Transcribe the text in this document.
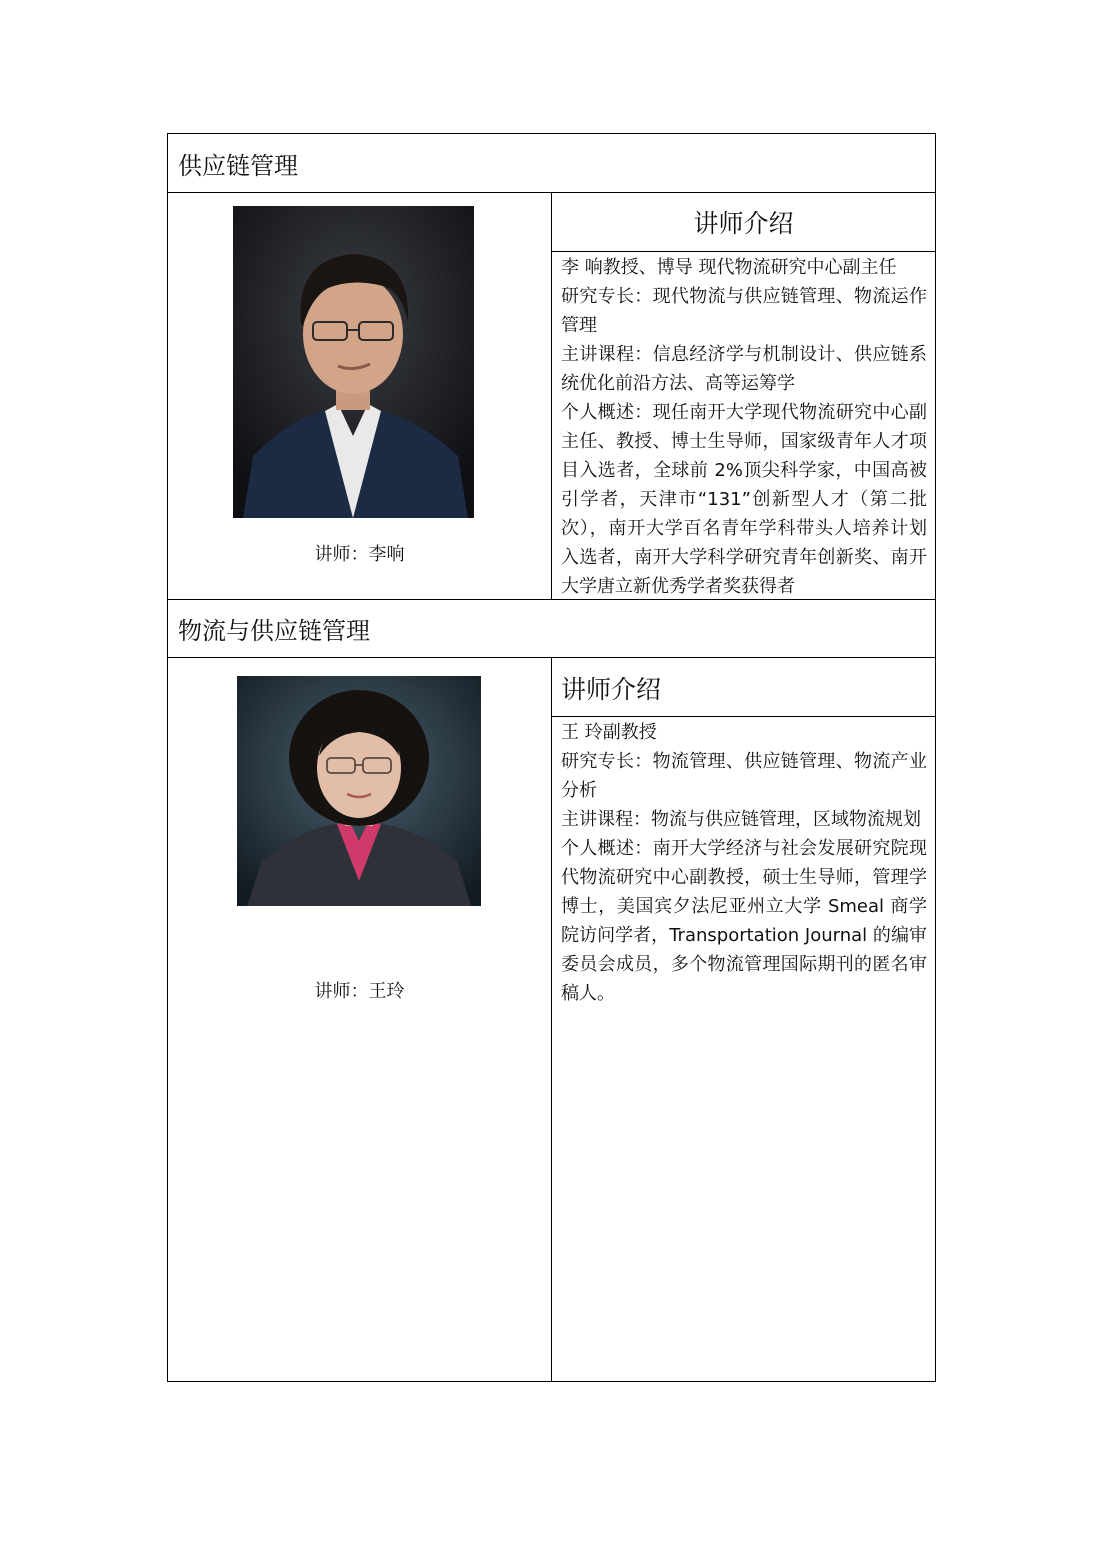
供应链管理
讲师：李响
讲师介绍

李 响教授、博导 现代物流研究中心副主任

研究专长：现代物流与供应链管理、物流运作管理

主讲课程：信息经济学与机制设计、供应链系统优化前沿方法、高等运筹学

个人概述：现任南开大学现代物流研究中心副主任、教授、博士生导师，国家级青年人才项目入选者，全球前 2%顶尖科学家，中国高被引学者，天津市“131”创新型人才（第二批次），南开大学百名青年学科带头人培养计划入选者，南开大学科学研究青年创新奖、南开大学唐立新优秀学者奖获得者

物流与供应链管理
讲师：王玲
讲师介绍

王 玲副教授

研究专长：物流管理、供应链管理、物流产业分析

主讲课程：物流与供应链管理，区域物流规划

个人概述：南开大学经济与社会发展研究院现代物流研究中心副教授，硕士生导师，管理学博士，美国宾夕法尼亚州立大学 Smeal 商学院访问学者，Transportation Journal 的编审委员会成员，多个物流管理国际期刊的匿名审稿人。
